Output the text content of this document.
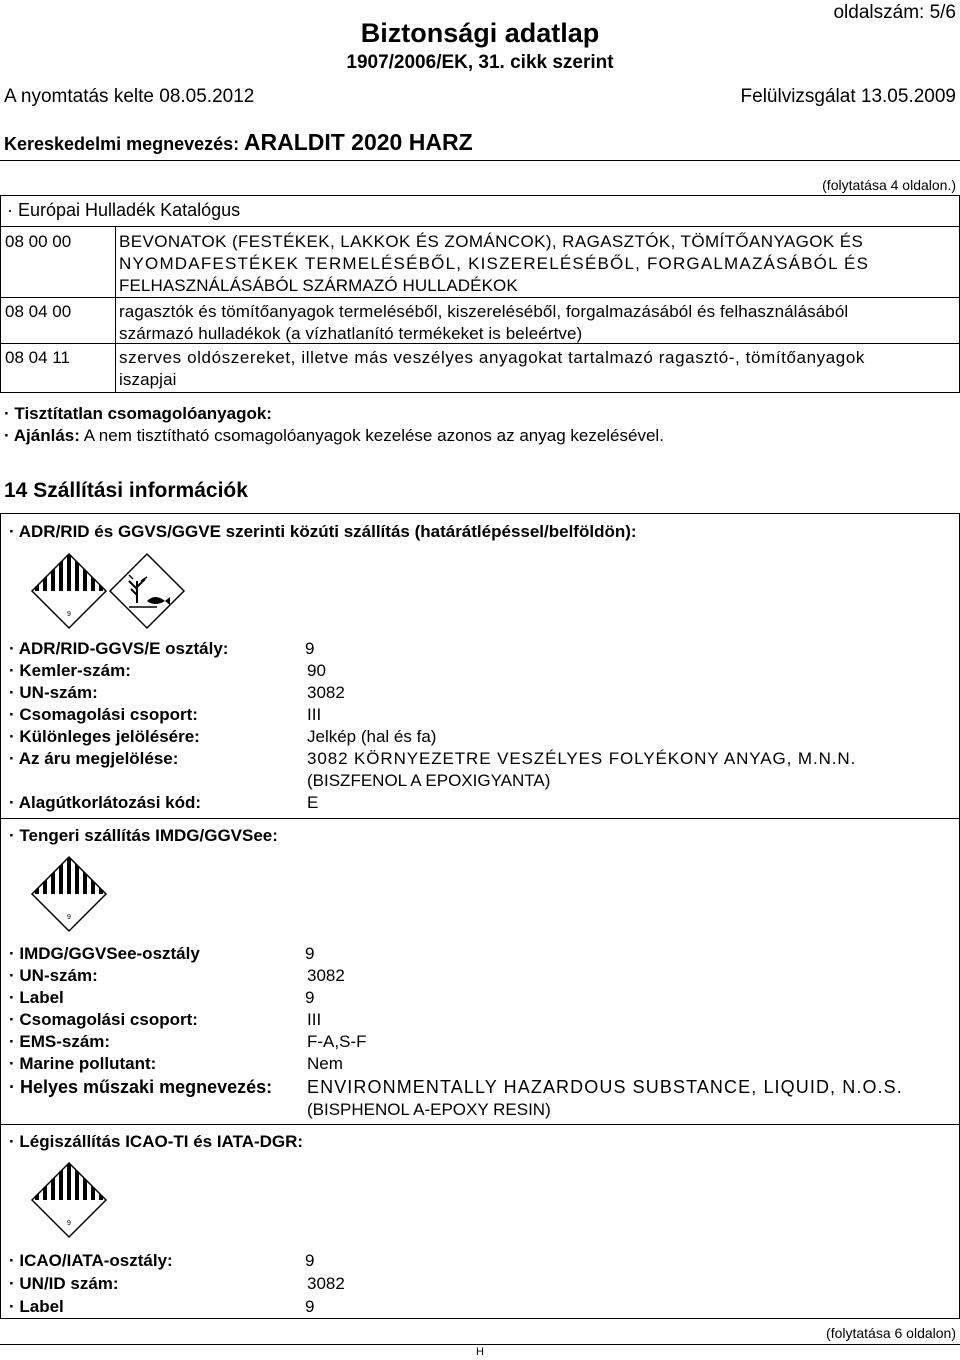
oldalszám: 5/6
Biztonsági adatlap
1907/2006/EK, 31. cikk szerint
A nyomtatás kelte 08.05.2012	Felülvizsgálat 13.05.2009
Kereskedelmi megnevezés: ARALDIT 2020 HARZ
(folytatása 4 oldalon.)
· Európai Hulladék Katalógus
08 00 00	BEVONATOK (FESTÉKEK, LAKKOK ÉS ZOMÁNCOK), RAGASZTÓK, TÖMÍTŐANYAGOK ÉS
NYOMDAFESTÉKEK TERMELÉSÉBŐL, KISZERELÉSÉBŐL, FORGALMAZÁSÁBÓL ÉS
FELHASZNÁLÁSÁBÓL SZÁRMAZÓ HULLADÉKOK
08 04 00	ragasztók és tömítőanyagok termeléséből, kiszereléséből, forgalmazásából és felhasználásából
származó hulladékok (a vízhatlanító termékeket is beleértve)
08 04 11	szerves oldószereket, illetve más veszélyes anyagokat tartalmazó ragasztó-, tömítőanyagok
iszapjai
· Tisztítatlan csomagolóanyagok:
· Ajánlás: A nem tisztítható csomagolóanyagok kezelése azonos az anyag kezelésével.
14 Szállítási információk
· ADR/RID és GGVS/GGVE szerinti közúti szállítás (határátlépéssel/belföldön):
9
· ADR/RID-GGVS/E osztály:	9
· Kemler-szám:	90
· UN-szám:	3082
· Csomagolási csoport:	III
· Különleges jelölésére:	Jelkép (hal és fa)
· Az áru megjelölése:	3082 KÖRNYEZETRE VESZÉLYES FOLYÉKONY ANYAG, M.N.N.
(BISZFENOL A EPOXIGYANTA)
· Alagútkorlátozási kód:	E
· Tengeri szállítás IMDG/GGVSee:
9
· IMDG/GGVSee-osztály	9
· UN-szám:	3082
· Label	9
· Csomagolási csoport:	III
· EMS-szám:	F-A,S-F
· Marine pollutant:	Nem
· Helyes műszaki megnevezés: ENVIRONMENTALLY HAZARDOUS SUBSTANCE, LIQUID, N.O.S.
(BISPHENOL A-EPOXY RESIN)
· Légiszállítás ICAO-TI és IATA-DGR:
9
· ICAO/IATA-osztály:	9
· UN/ID szám:	3082
· Label	9
(folytatása 6 oldalon)
H
